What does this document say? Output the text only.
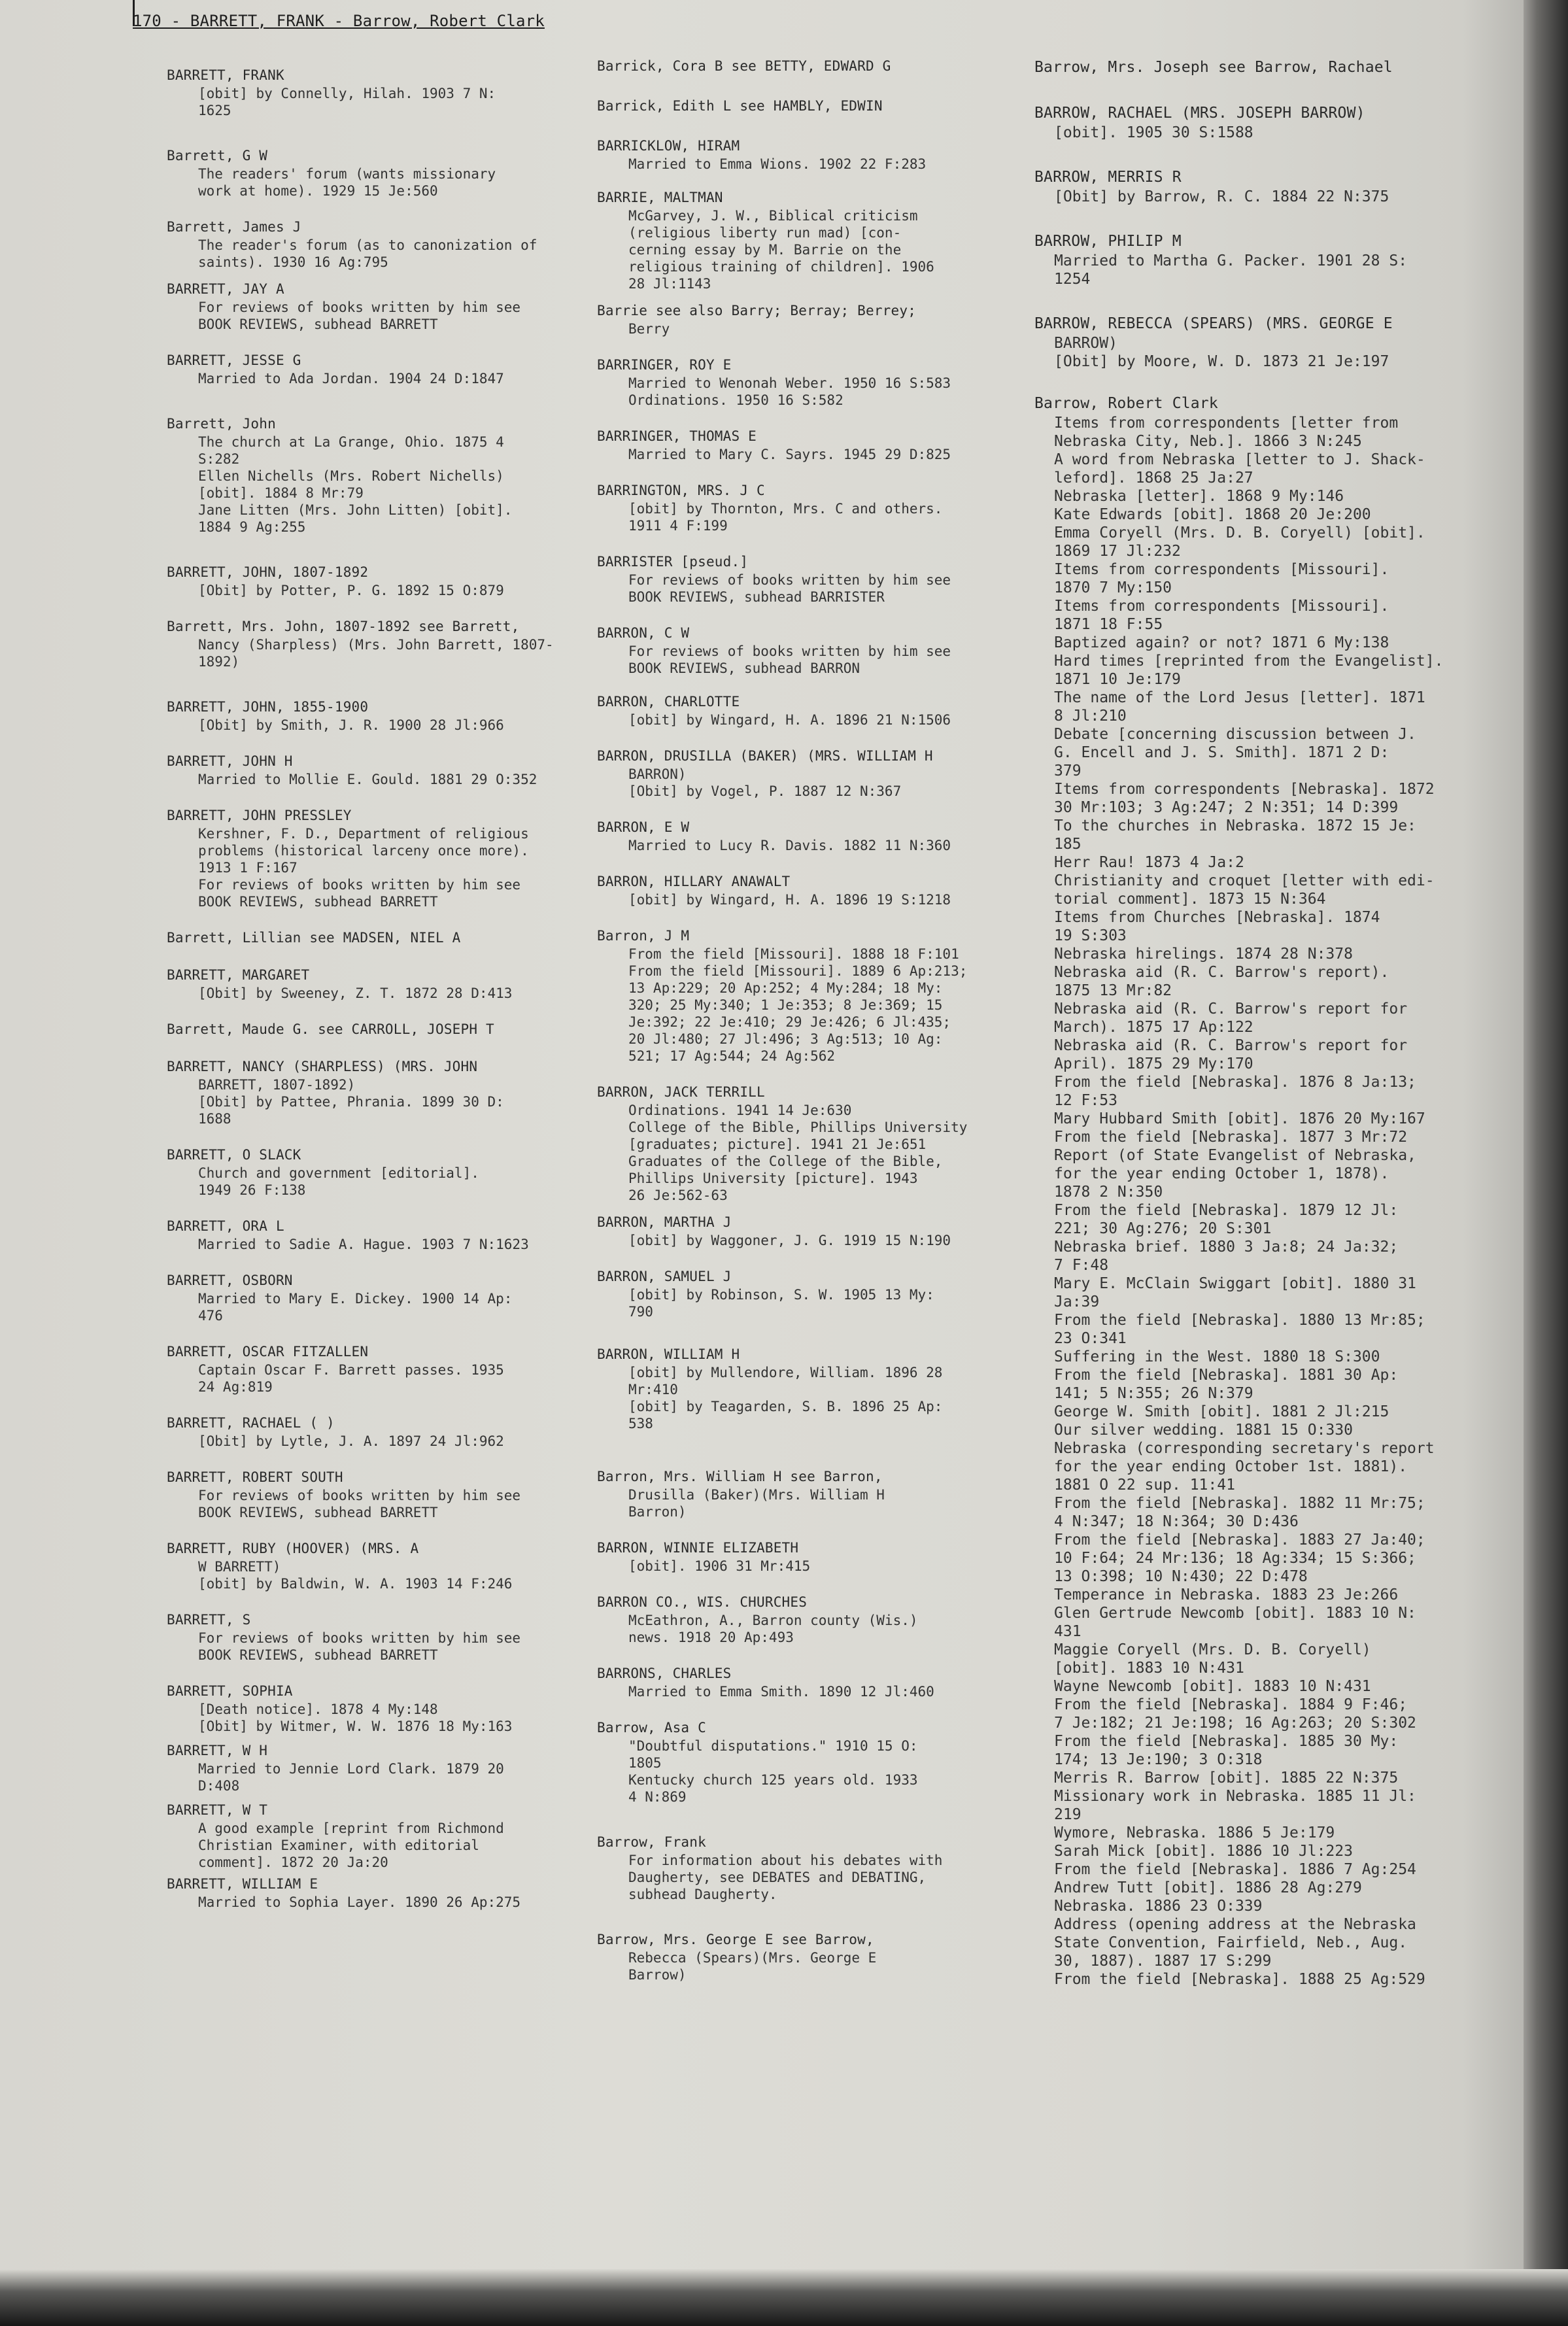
170 - BARRETT, FRANK - Barrow, Robert Clark
BARRETT, FRANK
[obit] by Connelly, Hilah. 1903 7 N:
1625
Barrett, G W
The readers' forum (wants missionary
work at home). 1929 15 Je:560
Barrett, James J
The reader's forum (as to canonization of
saints). 1930 16 Ag:795
BARRETT, JAY A
For reviews of books written by him see
BOOK REVIEWS, subhead BARRETT
BARRETT, JESSE G
Married to Ada Jordan. 1904 24 D:1847
Barrett, John
The church at La Grange, Ohio. 1875 4
S:282
Ellen Nichells (Mrs. Robert Nichells)
[obit]. 1884 8 Mr:79
Jane Litten (Mrs. John Litten) [obit].
1884 9 Ag:255
BARRETT, JOHN, 1807-1892
[Obit] by Potter, P. G. 1892 15 O:879
Barrett, Mrs. John, 1807-1892 see Barrett,
Nancy (Sharpless) (Mrs. John Barrett, 1807-
1892)
BARRETT, JOHN, 1855-1900
[Obit] by Smith, J. R. 1900 28 Jl:966
BARRETT, JOHN H
Married to Mollie E. Gould. 1881 29 O:352
BARRETT, JOHN PRESSLEY
Kershner, F. D., Department of religious
problems (historical larceny once more).
1913 1 F:167
For reviews of books written by him see
BOOK REVIEWS, subhead BARRETT
Barrett, Lillian see MADSEN, NIEL A
BARRETT, MARGARET
[Obit] by Sweeney, Z. T. 1872 28 D:413
Barrett, Maude G. see CARROLL, JOSEPH T
BARRETT, NANCY (SHARPLESS) (MRS. JOHN
BARRETT, 1807-1892)
[Obit] by Pattee, Phrania. 1899 30 D:
1688
BARRETT, O SLACK
Church and government [editorial].
1949 26 F:138
BARRETT, ORA L
Married to Sadie A. Hague. 1903 7 N:1623
BARRETT, OSBORN
Married to Mary E. Dickey. 1900 14 Ap:
476
BARRETT, OSCAR FITZALLEN
Captain Oscar F. Barrett passes. 1935
24 Ag:819
BARRETT, RACHAEL ( )
[Obit] by Lytle, J. A. 1897 24 Jl:962
BARRETT, ROBERT SOUTH
For reviews of books written by him see
BOOK REVIEWS, subhead BARRETT
BARRETT, RUBY (HOOVER) (MRS. A
W BARRETT)
[obit] by Baldwin, W. A. 1903 14 F:246
BARRETT, S
For reviews of books written by him see
BOOK REVIEWS, subhead BARRETT
BARRETT, SOPHIA
[Death notice]. 1878 4 My:148
[Obit] by Witmer, W. W. 1876 18 My:163
BARRETT, W H
Married to Jennie Lord Clark. 1879 20
D:408
BARRETT, W T
A good example [reprint from Richmond
Christian Examiner, with editorial
comment]. 1872 20 Ja:20
BARRETT, WILLIAM E
Married to Sophia Layer. 1890 26 Ap:275
Barrick, Cora B see BETTY, EDWARD G
Barrick, Edith L see HAMBLY, EDWIN
BARRICKLOW, HIRAM
Married to Emma Wions. 1902 22 F:283
BARRIE, MALTMAN
McGarvey, J. W., Biblical criticism
(religious liberty run mad) [con-
cerning essay by M. Barrie on the
religious training of children]. 1906
28 Jl:1143
Barrie see also Barry; Berray; Berrey;
Berry
BARRINGER, ROY E
Married to Wenonah Weber. 1950 16 S:583
Ordinations. 1950 16 S:582
BARRINGER, THOMAS E
Married to Mary C. Sayrs. 1945 29 D:825
BARRINGTON, MRS. J C
[obit] by Thornton, Mrs. C and others.
1911 4 F:199
BARRISTER [pseud.]
For reviews of books written by him see
BOOK REVIEWS, subhead BARRISTER
BARRON, C W
For reviews of books written by him see
BOOK REVIEWS, subhead BARRON
BARRON, CHARLOTTE
[obit] by Wingard, H. A. 1896 21 N:1506
BARRON, DRUSILLA (BAKER) (MRS. WILLIAM H
BARRON)
[Obit] by Vogel, P. 1887 12 N:367
BARRON, E W
Married to Lucy R. Davis. 1882 11 N:360
BARRON, HILLARY ANAWALT
[obit] by Wingard, H. A. 1896 19 S:1218
Barron, J M
From the field [Missouri]. 1888 18 F:101
From the field [Missouri]. 1889 6 Ap:213;
13 Ap:229; 20 Ap:252; 4 My:284; 18 My:
320; 25 My:340; 1 Je:353; 8 Je:369; 15
Je:392; 22 Je:410; 29 Je:426; 6 Jl:435;
20 Jl:480; 27 Jl:496; 3 Ag:513; 10 Ag:
521; 17 Ag:544; 24 Ag:562
BARRON, JACK TERRILL
Ordinations. 1941 14 Je:630
College of the Bible, Phillips University
[graduates; picture]. 1941 21 Je:651
Graduates of the College of the Bible,
Phillips University [picture]. 1943
26 Je:562-63
BARRON, MARTHA J
[obit] by Waggoner, J. G. 1919 15 N:190
BARRON, SAMUEL J
[obit] by Robinson, S. W. 1905 13 My:
790
BARRON, WILLIAM H
[obit] by Mullendore, William. 1896 28
Mr:410
[obit] by Teagarden, S. B. 1896 25 Ap:
538
Barron, Mrs. William H see Barron,
Drusilla (Baker)(Mrs. William H
Barron)
BARRON, WINNIE ELIZABETH
[obit]. 1906 31 Mr:415
BARRON CO., WIS. CHURCHES
McEathron, A., Barron county (Wis.)
news. 1918 20 Ap:493
BARRONS, CHARLES
Married to Emma Smith. 1890 12 Jl:460
Barrow, Asa C
"Doubtful disputations." 1910 15 O:
1805
Kentucky church 125 years old. 1933
4 N:869
Barrow, Frank
For information about his debates with
Daugherty, see DEBATES and DEBATING,
subhead Daugherty.
Barrow, Mrs. George E see Barrow,
Rebecca (Spears)(Mrs. George E
Barrow)
Barrow, Mrs. Joseph see Barrow, Rachael
BARROW, RACHAEL (MRS. JOSEPH BARROW)
[obit]. 1905 30 S:1588
BARROW, MERRIS R
[Obit] by Barrow, R. C. 1884 22 N:375
BARROW, PHILIP M
Married to Martha G. Packer. 1901 28 S:
1254
BARROW, REBECCA (SPEARS) (MRS. GEORGE E
BARROW)
[Obit] by Moore, W. D. 1873 21 Je:197
Barrow, Robert Clark
Items from correspondents [letter from
Nebraska City, Neb.]. 1866 3 N:245
A word from Nebraska [letter to J. Shack-
leford]. 1868 25 Ja:27
Nebraska [letter]. 1868 9 My:146
Kate Edwards [obit]. 1868 20 Je:200
Emma Coryell (Mrs. D. B. Coryell) [obit].
1869 17 Jl:232
Items from correspondents [Missouri].
1870 7 My:150
Items from correspondents [Missouri].
1871 18 F:55
Baptized again? or not? 1871 6 My:138
Hard times [reprinted from the Evangelist].
1871 10 Je:179
The name of the Lord Jesus [letter]. 1871
8 Jl:210
Debate [concerning discussion between J.
G. Encell and J. S. Smith]. 1871 2 D:
379
Items from correspondents [Nebraska]. 1872
30 Mr:103; 3 Ag:247; 2 N:351; 14 D:399
To the churches in Nebraska. 1872 15 Je:
185
Herr Rau! 1873 4 Ja:2
Christianity and croquet [letter with edi-
torial comment]. 1873 15 N:364
Items from Churches [Nebraska]. 1874
19 S:303
Nebraska hirelings. 1874 28 N:378
Nebraska aid (R. C. Barrow's report).
1875 13 Mr:82
Nebraska aid (R. C. Barrow's report for
March). 1875 17 Ap:122
Nebraska aid (R. C. Barrow's report for
April). 1875 29 My:170
From the field [Nebraska]. 1876 8 Ja:13;
12 F:53
Mary Hubbard Smith [obit]. 1876 20 My:167
From the field [Nebraska]. 1877 3 Mr:72
Report (of State Evangelist of Nebraska,
for the year ending October 1, 1878).
1878 2 N:350
From the field [Nebraska]. 1879 12 Jl:
221; 30 Ag:276; 20 S:301
Nebraska brief. 1880 3 Ja:8; 24 Ja:32;
7 F:48
Mary E. McClain Swiggart [obit]. 1880 31
Ja:39
From the field [Nebraska]. 1880 13 Mr:85;
23 O:341
Suffering in the West. 1880 18 S:300
From the field [Nebraska]. 1881 30 Ap:
141; 5 N:355; 26 N:379
George W. Smith [obit]. 1881 2 Jl:215
Our silver wedding. 1881 15 O:330
Nebraska (corresponding secretary's report
for the year ending October 1st. 1881).
1881 O 22 sup. 11:41
From the field [Nebraska]. 1882 11 Mr:75;
4 N:347; 18 N:364; 30 D:436
From the field [Nebraska]. 1883 27 Ja:40;
10 F:64; 24 Mr:136; 18 Ag:334; 15 S:366;
13 O:398; 10 N:430; 22 D:478
Temperance in Nebraska. 1883 23 Je:266
Glen Gertrude Newcomb [obit]. 1883 10 N:
431
Maggie Coryell (Mrs. D. B. Coryell)
[obit]. 1883 10 N:431
Wayne Newcomb [obit]. 1883 10 N:431
From the field [Nebraska]. 1884 9 F:46;
7 Je:182; 21 Je:198; 16 Ag:263; 20 S:302
From the field [Nebraska]. 1885 30 My:
174; 13 Je:190; 3 O:318
Merris R. Barrow [obit]. 1885 22 N:375
Missionary work in Nebraska. 1885 11 Jl:
219
Wymore, Nebraska. 1886 5 Je:179
Sarah Mick [obit]. 1886 10 Jl:223
From the field [Nebraska]. 1886 7 Ag:254
Andrew Tutt [obit]. 1886 28 Ag:279
Nebraska. 1886 23 O:339
Address (opening address at the Nebraska
State Convention, Fairfield, Neb., Aug.
30, 1887). 1887 17 S:299
From the field [Nebraska]. 1888 25 Ag:529
